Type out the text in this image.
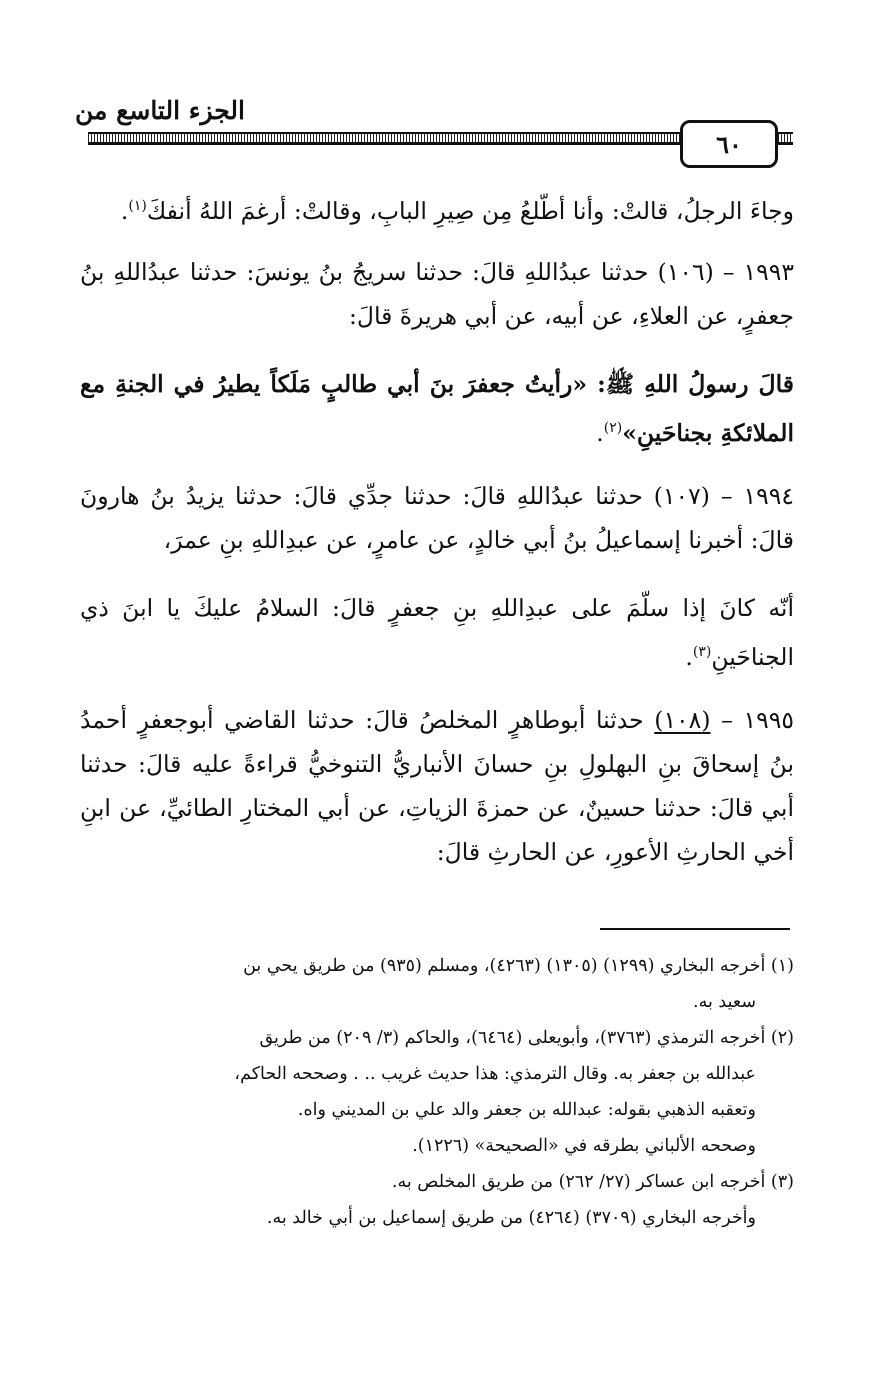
الجزء التاسع من
٦٠
وجاءَ الرجلُ، قالتْ: وأنا أطّلعُ مِن صِيرِ البابِ، وقالتْ: أرغمَ اللهُ أنفكَ$^{(١)}$.
١٩٩٣ – (١٠٦) حدثنا عبدُاللهِ قالَ: حدثنا سريجُ بنُ يونسَ: حدثنا عبدُاللهِ بنُ جعفرٍ، عن العلاءِ، عن أبيه، عن أبي هريرةَ قالَ:
قالَ رسولُ اللهِ ﷺ: «رأيتُ جعفرَ بنَ أبي طالبٍ مَلَكاً يطيرُ في الجنةِ مع الملائكةِ بجناحَينِ»$^{(٢)}$.
١٩٩٤ – (١٠٧) حدثنا عبدُاللهِ قالَ: حدثنا جدِّي قالَ: حدثنا يزيدُ بنُ هارونَ قالَ: أخبرنا إسماعيلُ بنُ أبي خالدٍ، عن عامرٍ، عن عبدِاللهِ بنِ عمرَ،
أنّه كانَ إذا سلّمَ على عبدِاللهِ بنِ جعفرٍ قالَ: السلامُ عليكَ يا ابنَ ذي الجناحَينِ$^{(٣)}$.
١٩٩٥ – (١٠٨) حدثنا أبوطاهرٍ المخلصُ قالَ: حدثنا القاضي أبوجعفرٍ أحمدُ بنُ إسحاقَ بنِ البهلولِ بنِ حسانَ الأنباريُّ التنوخيُّ قراءةً عليه قالَ: حدثنا أبي قالَ: حدثنا حسينٌ، عن حمزةَ الزياتِ، عن أبي المختارِ الطائيِّ، عن ابنِ أخي الحارثِ الأعورِ، عن الحارثِ قالَ:

(١) أخرجه البخاري (١٢٩٩) (١٣٠٥) (٤٢٦٣)، ومسلم (٩٣٥) من طريق يحي بن
سعيد به.

(٢) أخرجه الترمذي (٣٧٦٣)، وأبويعلى (٦٤٦٤)، والحاكم (٣/ ٢٠٩) من طريق
عبدالله بن جعفر به. وقال الترمذي: هذا حديث غريب .. . وصححه الحاكم،
وتعقبه الذهبي بقوله: عبدالله بن جعفر والد علي بن المديني واه.
وصححه الألباني بطرقه في «الصحيحة» (١٢٢٦).

(٣) أخرجه ابن عساكر (٢٧/ ٢٦٢) من طريق المخلص به.
وأخرجه البخاري (٣٧٠٩) (٤٢٦٤) من طريق إسماعيل بن أبي خالد به.
